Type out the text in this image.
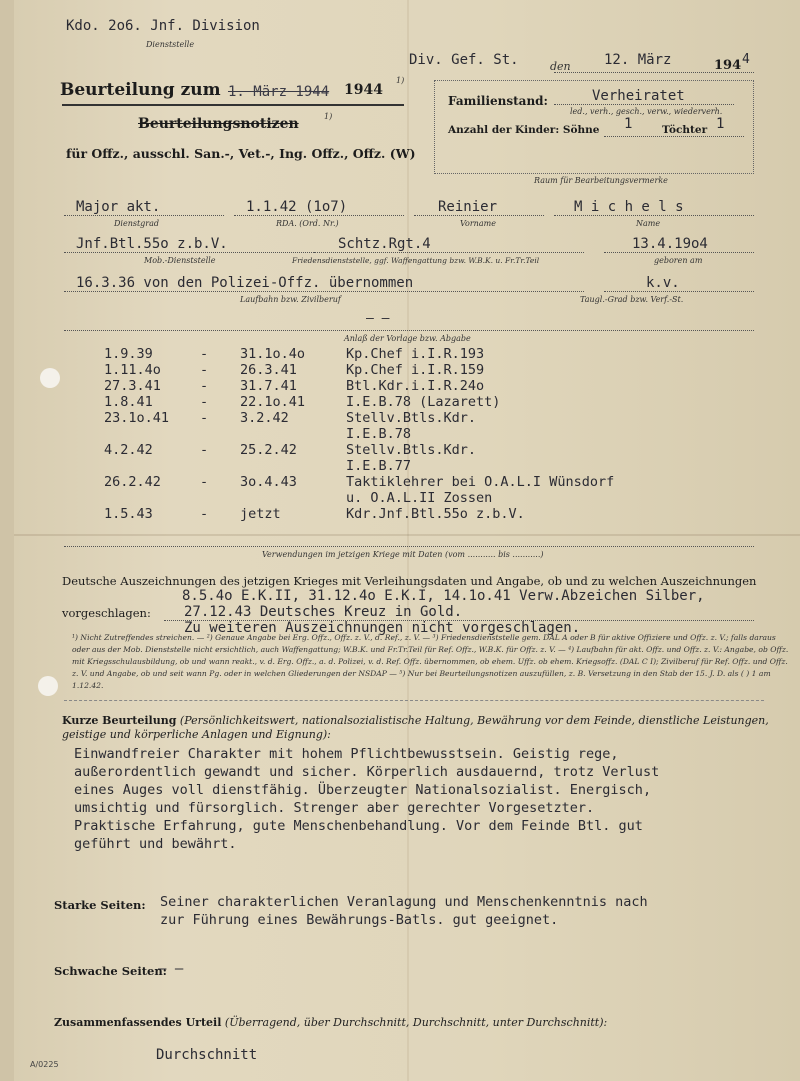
Kdo. 2o6. Jnf. Division
Dienststelle
Div. Gef. St.	den 12. März	194 4
Beurteilung zum 1. März 1944 1944
1)
Beurteilungsnotizen	1)
für Offz., ausschl. San.-, Vet.-, Ing. Offz., Offz. (W)
Familienstand:	Verheiratet
led., verh., gesch., verw., wiederverh.
Anzahl der Kinder: Söhne 1	Töchter 1
Raum für Bearbeitungsvermerke
Major akt.
Dienstgrad
1.1.42 (1o7)
RDA. (Ord. Nr.)
Reinier
Vorname
M i c h e l s
Name
Jnf.Btl.55o z.b.V.
Mob.-Dienststelle
Schtz.Rgt.4
Friedensdienststelle, ggf. Waffengattung bzw. W.B.K. u. Fr.Tr.Teil
13.4.19o4
geboren am
16.3.36 von den Polizei-Offz. übernommen
Laufbahn bzw. Zivilberuf
k.v.
Taugl.-Grad bzw. Verf.-St.
– –
Anlaß der Vorlage bzw. Abgabe
1.9.39	-	31.1o.4o	Kp.Chef i.I.R.193
1.11.4o	-	26.3.41	Kp.Chef i.I.R.159
27.3.41	-	31.7.41	Btl.Kdr.i.I.R.24o
1.8.41	-	22.1o.41	I.E.B.78 (Lazarett)
23.1o.41	-	3.2.42	Stellv.Btls.Kdr.
			I.E.B.78
4.2.42	-	25.2.42	Stellv.Btls.Kdr.
			I.E.B.77
26.2.42	-	3o.4.43	Taktiklehrer bei O.A.L.I Wünsdorf
			u. O.A.L.II Zossen
1.5.43	-	jetzt	Kdr.Jnf.Btl.55o z.b.V.
Verwendungen im jetzigen Kriege mit Daten (vom ........... bis ...........)
Deutsche Auszeichnungen des jetzigen Krieges mit Verleihungsdaten und Angabe, ob und zu welchen Auszeichnungen
8.5.4o E.K.II, 31.12.4o E.K.I, 14.1o.41 Verw.Abzeichen Silber,
vorgeschlagen: 27.12.43 Deutsches Kreuz in Gold.
Zu weiteren Auszeichnungen nicht vorgeschlagen.
¹) Nicht Zutreffendes streichen. — ²) Genaue Angabe bei Erg. Offz., Offz. z. V., d. Ref., z. V. — ³) Friedensdienststelle gem. DAL A oder B für aktive Offiziere und Offz. z. V.; falls daraus oder aus der Mob. Dienststelle nicht ersichtlich, auch Waffengattung; W.B.K. und Fr.Tr.Teil für Ref. Offz., W.B.K. für Offz. z. V. — ⁴) Laufbahn für akt. Offz. und Offz. z. V.: Angabe, ob Offz. mit Kriegsschulausbildung, ob und wann reakt., v. d. Erg. Offz., a. d. Polizei, v. d. Ref. Offz. übernommen, ob ehem. Uffz. ob ehem. Kriegsoffz. (DAL C I); Zivilberuf für Ref. Offz. und Offz. z. V. und Angabe, ob und seit wann Pg. oder in welchen Gliederungen der NSDAP — ⁵) Nur bei Beurteilungsnotizen auszufüllen, z. B. Versetzung in den Stab der 15. J. D. als ( ) 1 am 1.12.42.
Kurze Beurteilung (Persönlichkeitswert, nationalsozialistische Haltung, Bewährung vor dem Feinde, dienstliche Leistungen, geistige und körperliche Anlagen und Eignung):
Einwandfreier Charakter mit hohem Pflichtbewusstsein. Geistig rege,
außerordentlich gewandt und sicher. Körperlich ausdauernd, trotz Verlust
eines Auges voll dienstfähig. Überzeugter Nationalsozialist. Energisch,
umsichtig und fürsorglich. Strenger aber gerechter Vorgesetzter.
Praktische Erfahrung, gute Menschenbehandlung. Vor dem Feinde Btl. gut
geführt und bewährt.
Starke Seiten: Seiner charakterlichen Veranlagung und Menschenkenntnis nach
zur Führung eines Bewährungs-Batls. gut geeignet.
Schwache Seiten:
– –
Zusammenfassendes Urteil (Überragend, über Durchschnitt, Durchschnitt, unter Durchschnitt):
Durchschnitt
A/0225
